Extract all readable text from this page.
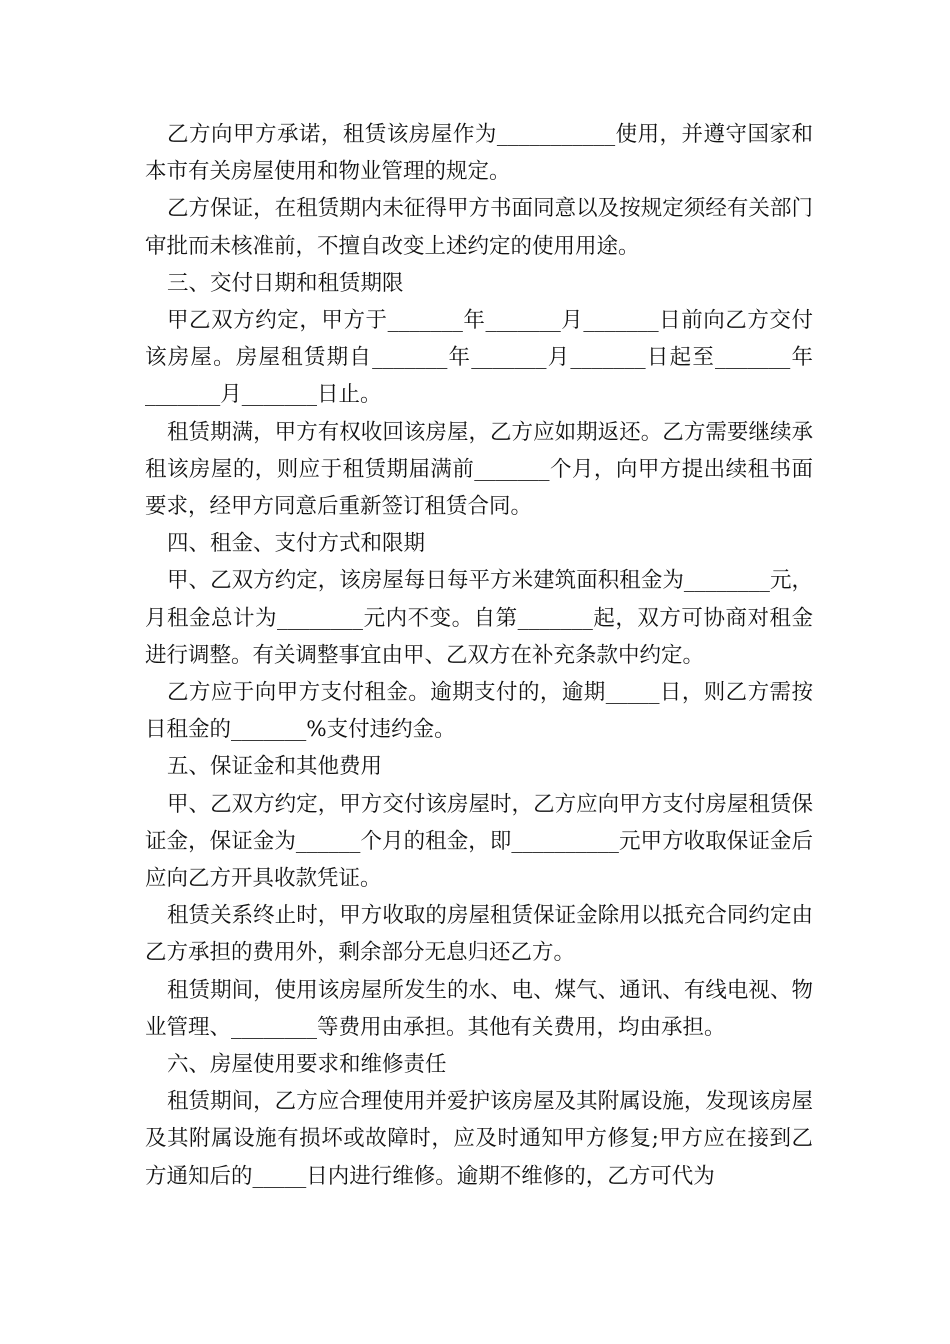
乙方向甲方承诺，租赁该房屋作为___________使用，并遵守国家和本市有关房屋使用和物业管理的规定。

乙方保证，在租赁期内未征得甲方书面同意以及按规定须经有关部门审批而未核准前，不擅自改变上述约定的使用用途。

三、交付日期和租赁期限

甲乙双方约定，甲方于_______年_______月_______日前向乙方交付该房屋。房屋租赁期自_______年_______月_______日起至_______年_______月_______日止。

租赁期满，甲方有权收回该房屋，乙方应如期返还。乙方需要继续承租该房屋的，则应于租赁期届满前_______个月，向甲方提出续租书面要求，经甲方同意后重新签订租赁合同。

四、租金、支付方式和限期

甲、乙双方约定，该房屋每日每平方米建筑面积租金为________元，月租金总计为________元内不变。自第_______起，双方可协商对租金进行调整。有关调整事宜由甲、乙双方在补充条款中约定。

乙方应于向甲方支付租金。逾期支付的，逾期_____日，则乙方需按日租金的_______%支付违约金。

五、保证金和其他费用

甲、乙双方约定，甲方交付该房屋时，乙方应向甲方支付房屋租赁保证金，保证金为______个月的租金，即__________元甲方收取保证金后应向乙方开具收款凭证。

租赁关系终止时，甲方收取的房屋租赁保证金除用以抵充合同约定由乙方承担的费用外，剩余部分无息归还乙方。

租赁期间，使用该房屋所发生的水、电、煤气、通讯、有线电视、物业管理、________等费用由承担。其他有关费用，均由承担。

六、房屋使用要求和维修责任

租赁期间，乙方应合理使用并爱护该房屋及其附属设施，发现该房屋及其附属设施有损坏或故障时，应及时通知甲方修复;甲方应在接到乙方通知后的_____日内进行维修。逾期不维修的，乙方可代为
